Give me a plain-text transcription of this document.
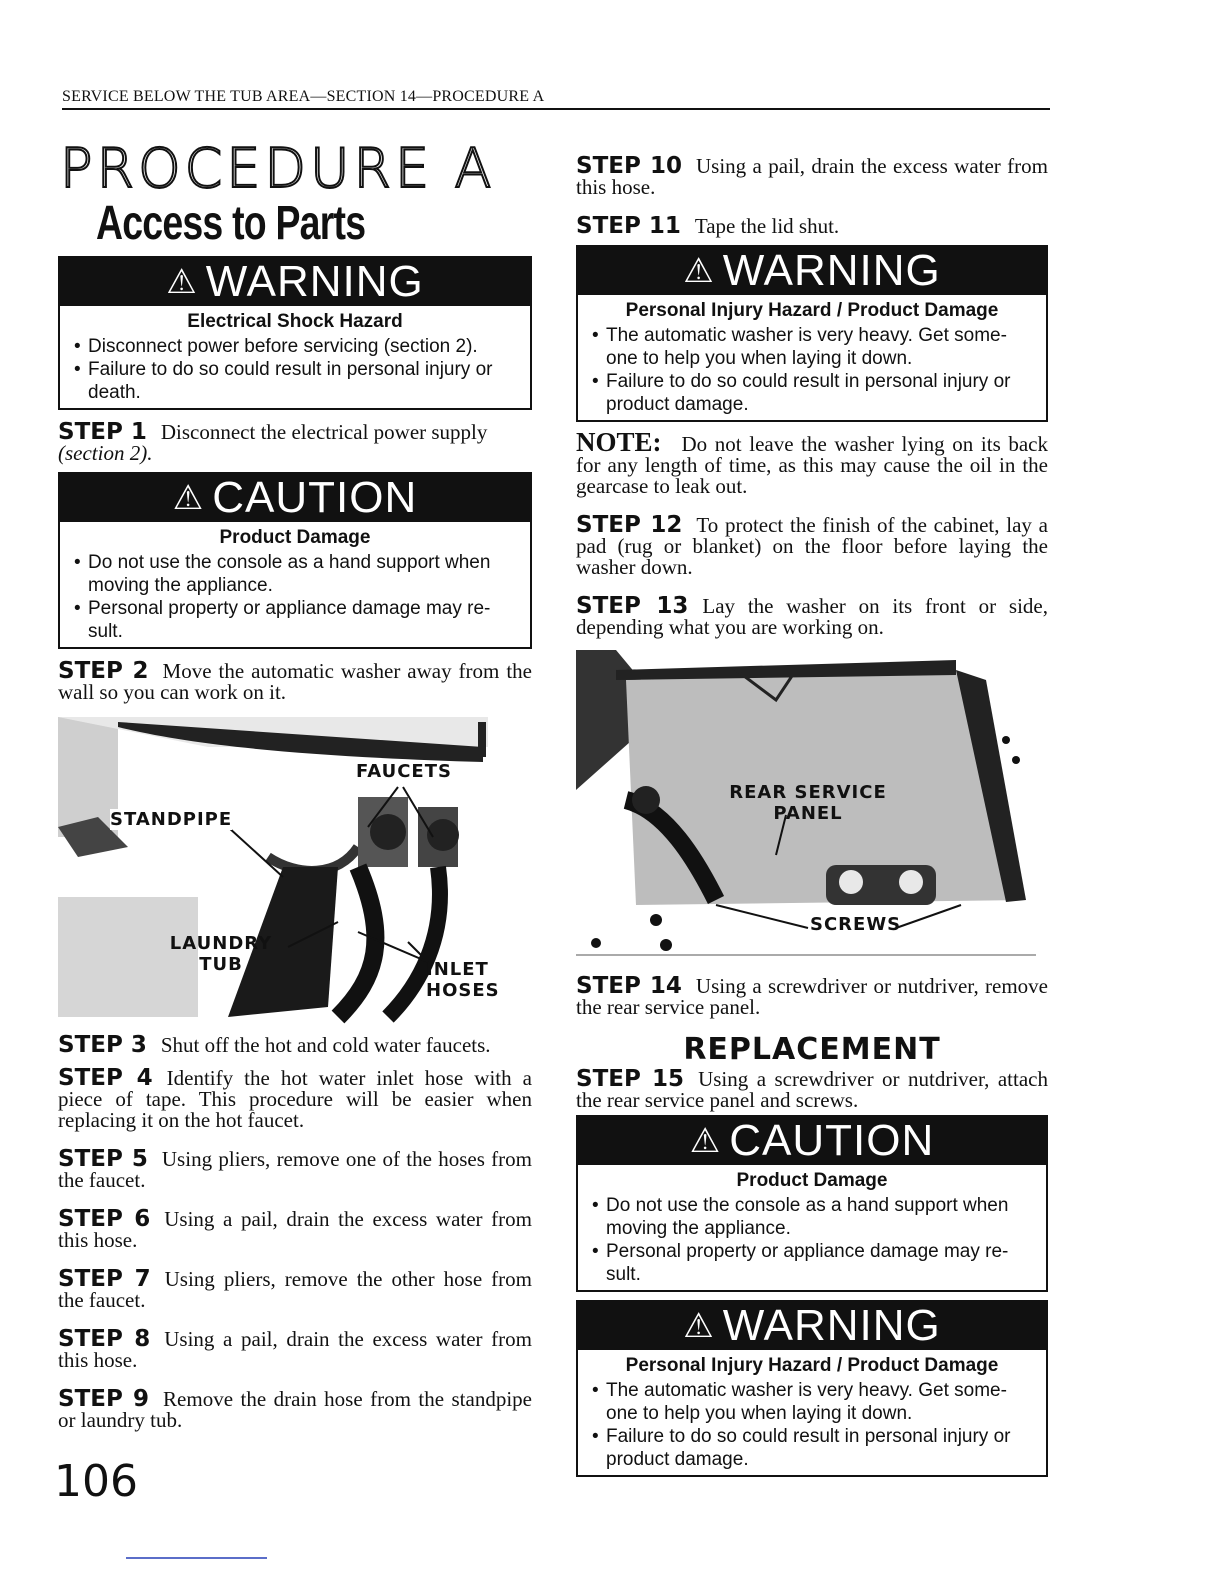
SERVICE BELOW THE TUB AREA—SECTION 14—PROCEDURE A
PROCEDURE A
Access to Parts
⚠ WARNING
Electrical Shock Hazard
• Disconnect power before servicing (section 2).
• Failure to do so could result in personal injury or death.

STEP 1 Disconnect the electrical power supply
(section 2).

⚠ CAUTION
Product Damage
• Do not use the console as a hand support when moving the appliance.
• Personal property or appliance damage may re-sult.

STEP 2 Move the automatic washer away from the wall so you can work on it.

FAUCETS
STANDPIPE
LAUNDRY TUB	INLET HOSES

STEP 3 Shut off the hot and cold water faucets.

STEP 4 Identify the hot water inlet hose with a piece of tape. This procedure will be easier when replacing it on the hot faucet.

STEP 5 Using pliers, remove one of the hoses from the faucet.

STEP 6 Using a pail, drain the excess water from this hose.

STEP 7 Using pliers, remove the other hose from the faucet.

STEP 8 Using a pail, drain the excess water from this hose.

STEP 9 Remove the drain hose from the standpipe or laundry tub.

106

STEP 10 Using a pail, drain the excess water from this hose.

STEP 11 Tape the lid shut.

⚠ WARNING
Personal Injury Hazard / Product Damage
• The automatic washer is very heavy. Get some-one to help you when laying it down.
• Failure to do so could result in personal injury or product damage.

NOTE: Do not leave the washer lying on its back for any length of time, as this may cause the oil in the gearcase to leak out.

STEP 12 To protect the finish of the cabinet, lay a pad (rug or blanket) on the floor before laying the washer down.

STEP 13 Lay the washer on its front or side, depending what you are working on.

REAR SERVICE PANEL
SCREWS

STEP 14 Using a screwdriver or nutdriver, remove the rear service panel.

REPLACEMENT

STEP 15 Using a screwdriver or nutdriver, attach the rear service panel and screws.

⚠ CAUTION
Product Damage
• Do not use the console as a hand support when moving the appliance.
• Personal property or appliance damage may re-sult.
⚠ WARNING
Personal Injury Hazard / Product Damage
• The automatic washer is very heavy. Get some-one to help you when laying it down.
• Failure to do so could result in personal injury or product damage.
